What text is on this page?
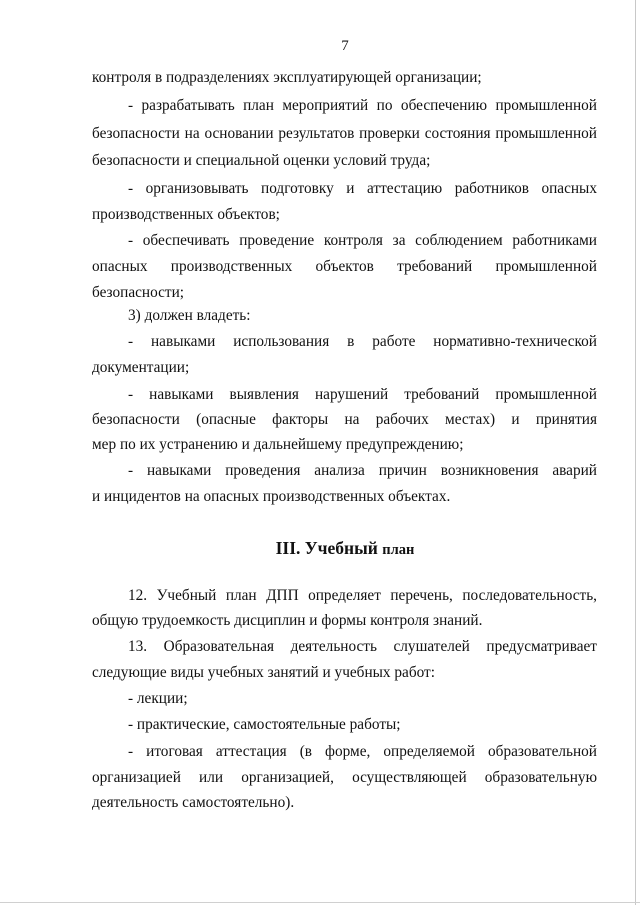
7
контроля в подразделениях эксплуатирующей организации;
- разрабатывать план мероприятий по обеспечению промышленной
безопасности на основании результатов проверки состояния промышленной
безопасности и специальной оценки условий труда;
- организовывать подготовку и аттестацию работников опасных
производственных объектов;
- обеспечивать проведение контроля за соблюдением работниками
опасных производственных объектов требований промышленной
безопасности;
3) должен владеть:
- навыками использования в работе нормативно-технической
документации;
- навыками выявления нарушений требований промышленной
безопасности (опасные факторы на рабочих местах) и принятия
мер по их устранению и дальнейшему предупреждению;
- навыками проведения анализа причин возникновения аварий
и инцидентов на опасных производственных объектах.
III. Учебный план
12. Учебный план ДПП определяет перечень, последовательность,
общую трудоемкость дисциплин и формы контроля знаний.
13. Образовательная деятельность слушателей предусматривает
следующие виды учебных занятий и учебных работ:
- лекции;
- практические, самостоятельные работы;
- итоговая аттестация (в форме, определяемой образовательной
организацией или организацией, осуществляющей образовательную
деятельность самостоятельно).
